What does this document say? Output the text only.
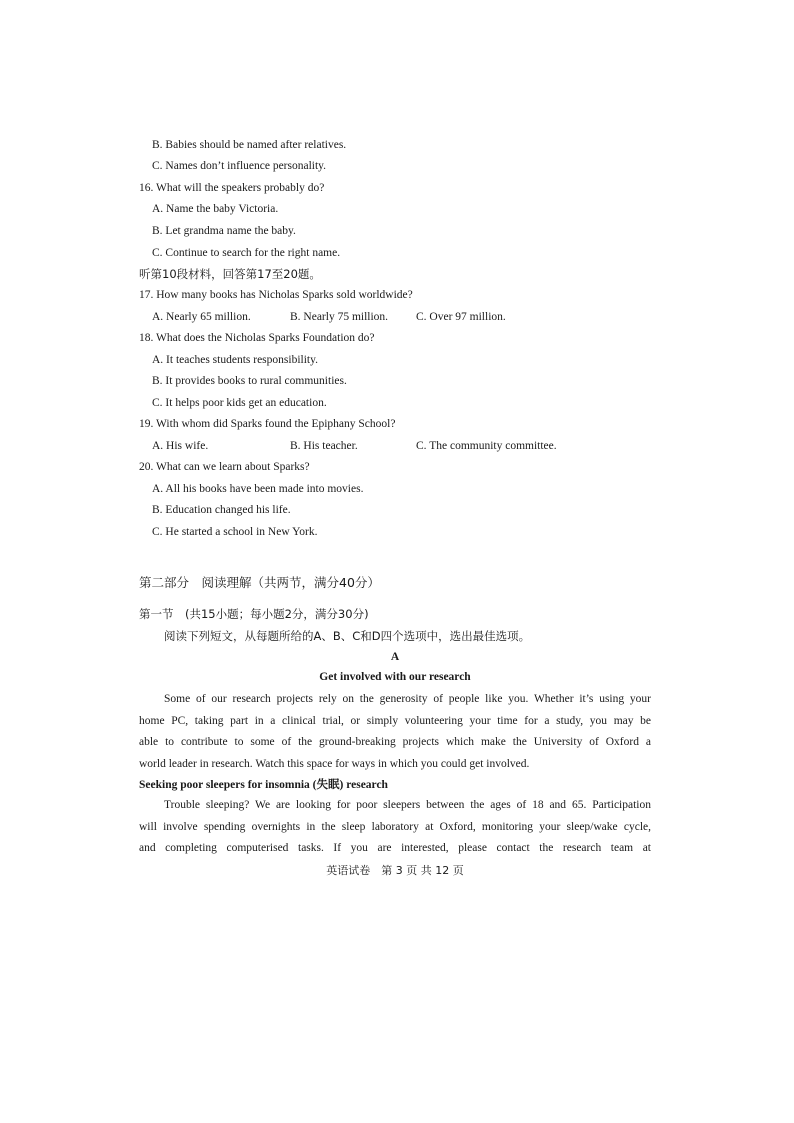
B. Babies should be named after relatives.
C. Names don’t influence personality.
16. What will the speakers probably do?
A. Name the baby Victoria.
B. Let grandma name the baby.
C. Continue to search for the right name.
听第10段材料，回答第17至20题。
17. How many books has Nicholas Sparks sold worldwide?
A. Nearly 65 million.	B. Nearly 75 million. C. Over 97 million.
18. What does the Nicholas Sparks Foundation do?
A. It teaches students responsibility.
B. It provides books to rural communities.
C. It helps poor kids get an education.
19. With whom did Sparks found the Epiphany School?
A. His wife.	B. His teacher.	C. The community committee.
20. What can we learn about Sparks?
A. All his books have been made into movies.
B. Education changed his life.
C. He started a school in New York.
第二部分　阅读理解（共两节，满分40分）
第一节　(共15小题；每小题2分，满分30分)
阅读下列短文，从每题所给的A、B、C和D四个选项中，选出最佳选项。
A
Get involved with our research
Some of our research projects rely on the generosity of people like you. Whether it’s using your
home PC, taking part in a clinical trial, or simply volunteering your time for a study, you may be
able to contribute to some of the ground-breaking projects which make the University of Oxford a
world leader in research. Watch this space for ways in which you could get involved.
Seeking poor sleepers for insomnia (失眠) research
Trouble sleeping? We are looking for poor sleepers between the ages of 18 and 65. Participation
will involve spending overnights in the sleep laboratory at Oxford, monitoring your sleep/wake cycle,
and completing computerised tasks. If you are interested, please contact the research team at
英语试卷　第 3 页 共 12 页
